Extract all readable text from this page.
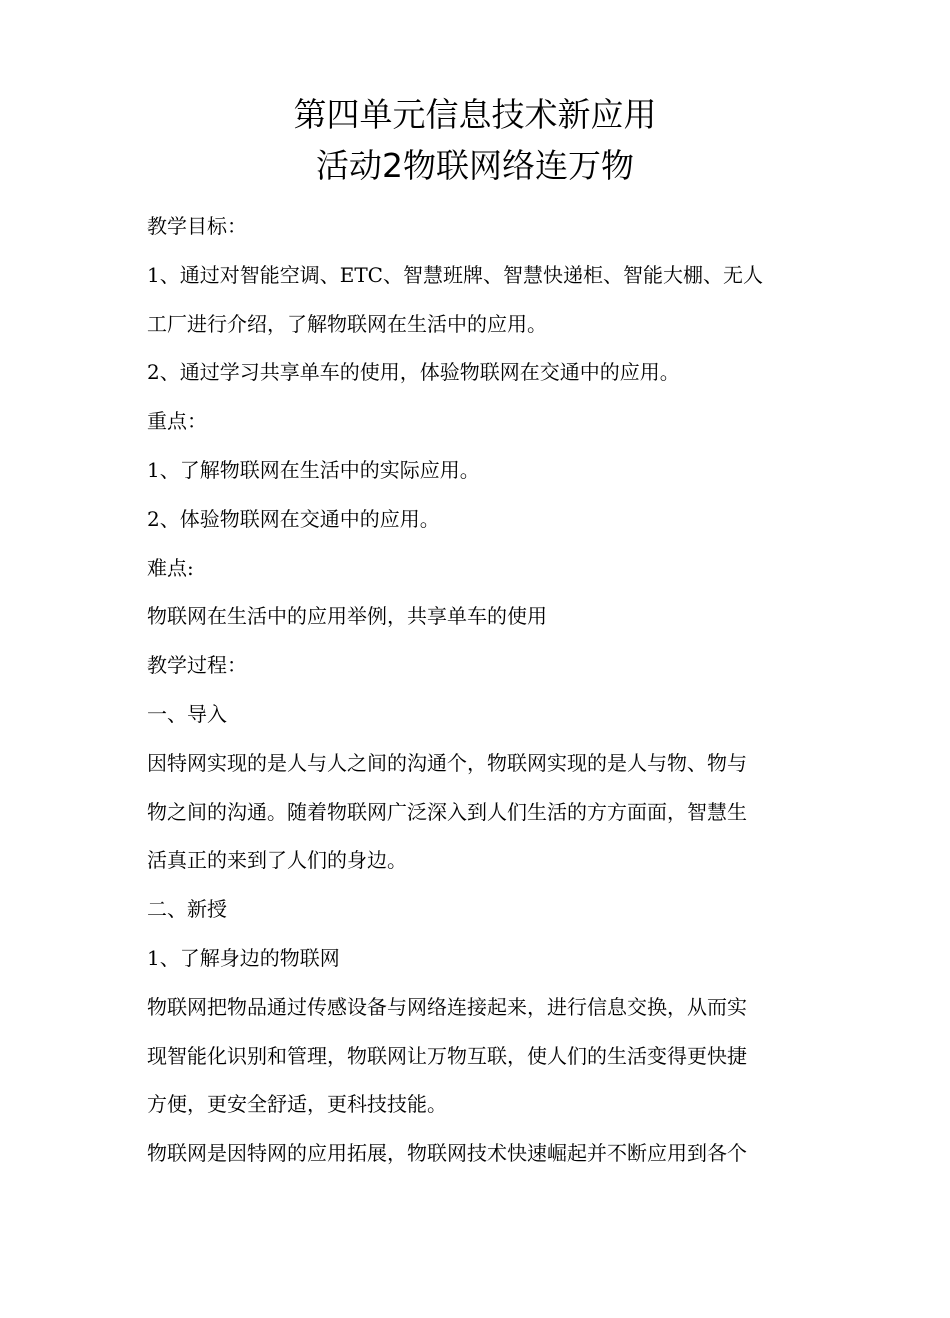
第四单元信息技术新应用
活动2物联网络连万物
教学目标：
1、通过对智能空调、ETC、智慧班牌、智慧快递柜、智能大棚、无人
工厂进行介绍，了解物联网在生活中的应用。
2、通过学习共享单车的使用，体验物联网在交通中的应用。
重点：
1、了解物联网在生活中的实际应用。
2、体验物联网在交通中的应用。
难点:
物联网在生活中的应用举例，共享单车的使用
教学过程：
一、导入
因特网实现的是人与人之间的沟通个，物联网实现的是人与物、物与
物之间的沟通。随着物联网广泛深入到人们生活的方方面面，智慧生
活真正的来到了人们的身边。
二、新授
1、了解身边的物联网
物联网把物品通过传感设备与网络连接起来，进行信息交换，从而实
现智能化识别和管理，物联网让万物互联，使人们的生活变得更快捷
方便，更安全舒适，更科技技能。
物联网是因特网的应用拓展，物联网技术快速崛起并不断应用到各个
